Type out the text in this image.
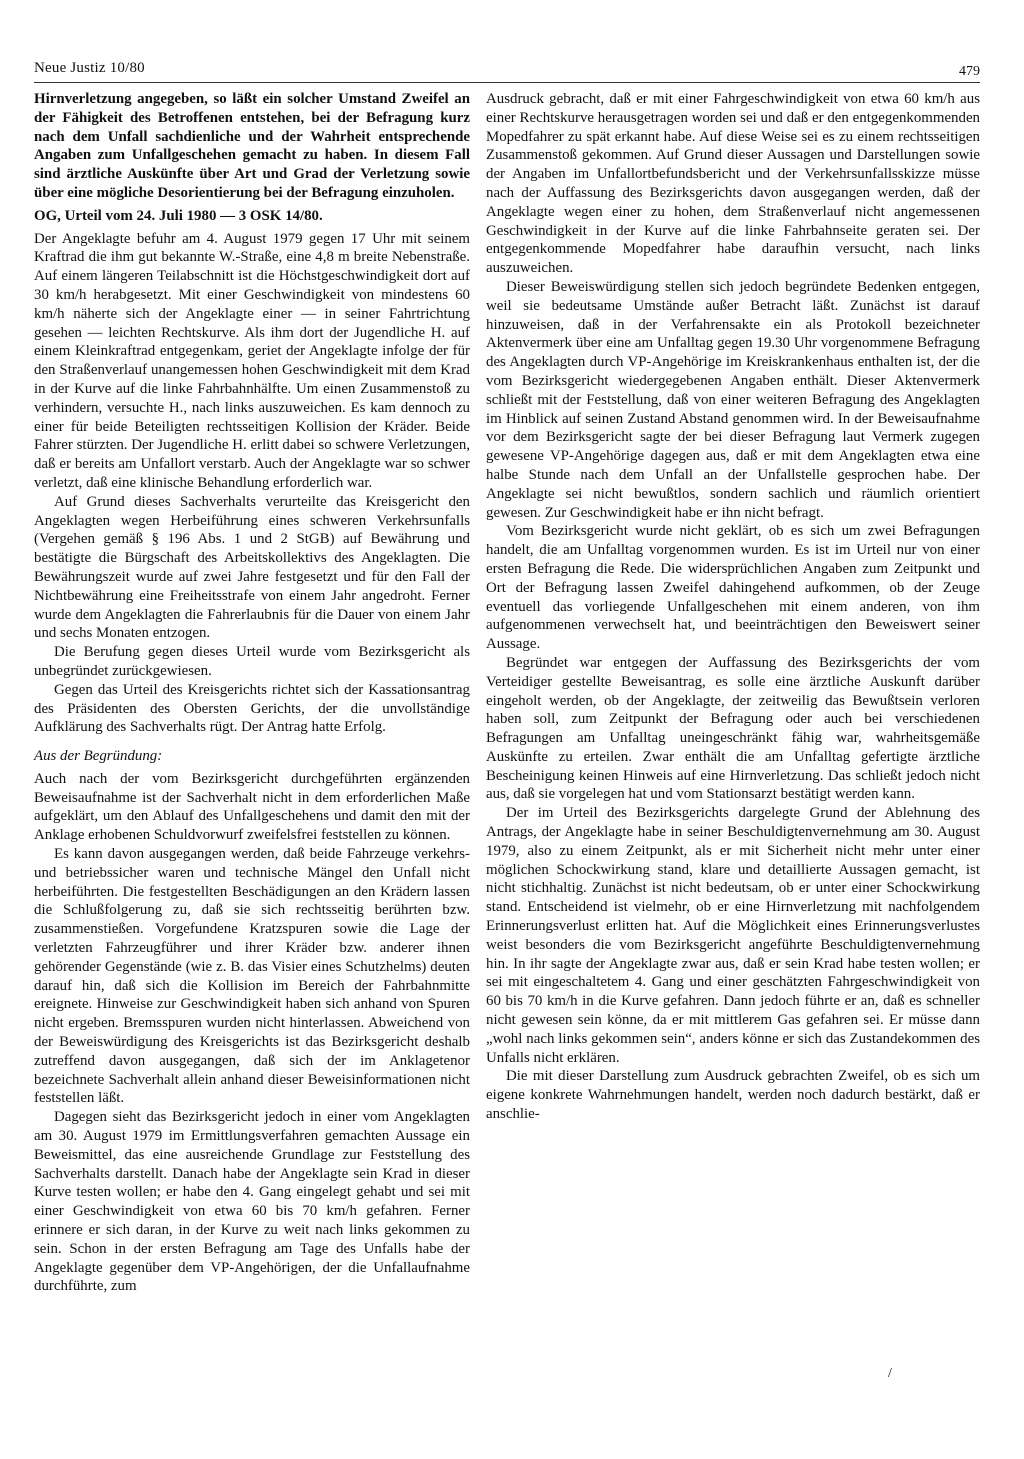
Neue Justiz 10/80	479

Hirnverletzung angegeben, so läßt ein solcher Umstand Zweifel an der Fähigkeit des Betroffenen entstehen, bei der Befragung kurz nach dem Unfall sachdienliche und der Wahrheit entsprechende Angaben zum Unfallgeschehen gemacht zu haben. In diesem Fall sind ärztliche Auskünfte über Art und Grad der Verletzung sowie über eine mögliche Desorientierung bei der Befragung einzuholen.

OG, Urteil vom 24. Juli 1980 — 3 OSK 14/80.

Der Angeklagte befuhr am 4. August 1979 gegen 17 Uhr mit seinem Kraftrad die ihm gut bekannte W.-Straße, eine 4,8 m breite Nebenstraße. Auf einem längeren Teilabschnitt ist die Höchstgeschwindigkeit dort auf 30 km/h herabgesetzt. Mit einer Geschwindigkeit von mindestens 60 km/h näherte sich der Angeklagte einer — in seiner Fahrtrichtung gesehen — leichten Rechtskurve. Als ihm dort der Jugendliche H. auf einem Kleinkraftrad entgegenkam, geriet der Angeklagte infolge der für den Straßenverlauf unangemessen hohen Geschwindigkeit mit dem Krad in der Kurve auf die linke Fahrbahnhälfte. Um einen Zusammenstoß zu verhindern, versuchte H., nach links auszuweichen. Es kam dennoch zu einer für beide Beteiligten rechtsseitigen Kollision der Kräder. Beide Fahrer stürzten. Der Jugendliche H. erlitt dabei so schwere Verletzungen, daß er bereits am Unfallort verstarb. Auch der Angeklagte war so schwer verletzt, daß eine klinische Behandlung erforderlich war.

Auf Grund dieses Sachverhalts verurteilte das Kreisgericht den Angeklagten wegen Herbeiführung eines schweren Verkehrsunfalls (Vergehen gemäß § 196 Abs. 1 und 2 StGB) auf Bewährung und bestätigte die Bürgschaft des Arbeitskollektivs des Angeklagten. Die Bewährungszeit wurde auf zwei Jahre festgesetzt und für den Fall der Nichtbewährung eine Freiheitsstrafe von einem Jahr angedroht. Ferner wurde dem Angeklagten die Fahrerlaubnis für die Dauer von einem Jahr und sechs Monaten entzogen.

Die Berufung gegen dieses Urteil wurde vom Bezirksgericht als unbegründet zurückgewiesen.

Gegen das Urteil des Kreisgerichts richtet sich der Kassationsantrag des Präsidenten des Obersten Gerichts, der die unvollständige Aufklärung des Sachverhalts rügt. Der Antrag hatte Erfolg.

Aus der Begründung:

Auch nach der vom Bezirksgericht durchgeführten ergänzenden Beweisaufnahme ist der Sachverhalt nicht in dem erforderlichen Maße aufgeklärt, um den Ablauf des Unfallgeschehens und damit den mit der Anklage erhobenen Schuldvorwurf zweifelsfrei feststellen zu können.

Es kann davon ausgegangen werden, daß beide Fahrzeuge verkehrs- und betriebssicher waren und technische Mängel den Unfall nicht herbeiführten. Die festgestellten Beschädigungen an den Krädern lassen die Schlußfolgerung zu, daß sie sich rechtsseitig berührten bzw. zusammenstießen. Vorgefundene Kratzspuren sowie die Lage der verletzten Fahrzeugführer und ihrer Kräder bzw. anderer ihnen gehörender Gegenstände (wie z. B. das Visier eines Schutzhelms) deuten darauf hin, daß sich die Kollision im Bereich der Fahrbahnmitte ereignete. Hinweise zur Geschwindigkeit haben sich anhand von Spuren nicht ergeben. Bremsspuren wurden nicht hinterlassen. Abweichend von der Beweiswürdigung des Kreisgerichts ist das Bezirksgericht deshalb zutreffend davon ausgegangen, daß sich der im Anklagetenor bezeichnete Sachverhalt allein anhand dieser Beweisinformationen nicht feststellen läßt.

Dagegen sieht das Bezirksgericht jedoch in einer vom Angeklagten am 30. August 1979 im Ermittlungsverfahren gemachten Aussage ein Beweismittel, das eine ausreichende Grundlage zur Feststellung des Sachverhalts darstellt. Danach habe der Angeklagte sein Krad in dieser Kurve testen wollen; er habe den 4. Gang eingelegt gehabt und sei mit einer Geschwindigkeit von etwa 60 bis 70 km/h gefahren. Ferner erinnere er sich daran, in der Kurve zu weit nach links gekommen zu sein. Schon in der ersten Befragung am Tage des Unfalls habe der Angeklagte gegenüber dem VP-Angehörigen, der die Unfallaufnahme durchführte, zum

Ausdruck gebracht, daß er mit einer Fahrgeschwindigkeit von etwa 60 km/h aus einer Rechtskurve herausgetragen worden sei und daß er den entgegenkommenden Mopedfahrer zu spät erkannt habe. Auf diese Weise sei es zu einem rechtsseitigen Zusammenstoß gekommen. Auf Grund dieser Aussagen und Darstellungen sowie der Angaben im Unfallortbefundsbericht und der Verkehrsunfallsskizze müsse nach der Auffassung des Bezirksgerichts davon ausgegangen werden, daß der Angeklagte wegen einer zu hohen, dem Straßenverlauf nicht angemessenen Geschwindigkeit in der Kurve auf die linke Fahrbahnseite geraten sei. Der entgegenkommende Mopedfahrer habe daraufhin versucht, nach links auszuweichen.

Dieser Beweiswürdigung stellen sich jedoch begründete Bedenken entgegen, weil sie bedeutsame Umstände außer Betracht läßt. Zunächst ist darauf hinzuweisen, daß in der Verfahrensakte ein als Protokoll bezeichneter Aktenvermerk über eine am Unfalltag gegen 19.30 Uhr vorgenommene Befragung des Angeklagten durch VP-Angehörige im Kreiskrankenhaus enthalten ist, der die vom Bezirksgericht wiedergegebenen Angaben enthält. Dieser Aktenvermerk schließt mit der Feststellung, daß von einer weiteren Befragung des Angeklagten im Hinblick auf seinen Zustand Abstand genommen wird. In der Beweisaufnahme vor dem Bezirksgericht sagte der bei dieser Befragung laut Vermerk zugegen gewesene VP-Angehörige dagegen aus, daß er mit dem Angeklagten etwa eine halbe Stunde nach dem Unfall an der Unfallstelle gesprochen habe. Der Angeklagte sei nicht bewußtlos, sondern sachlich und räumlich orientiert gewesen. Zur Geschwindigkeit habe er ihn nicht befragt.

Vom Bezirksgericht wurde nicht geklärt, ob es sich um zwei Befragungen handelt, die am Unfalltag vorgenommen wurden. Es ist im Urteil nur von einer ersten Befragung die Rede. Die widersprüchlichen Angaben zum Zeitpunkt und Ort der Befragung lassen Zweifel dahingehend aufkommen, ob der Zeuge eventuell das vorliegende Unfallgeschehen mit einem anderen, von ihm aufgenommenen verwechselt hat, und beeinträchtigen den Beweiswert seiner Aussage.

Begründet war entgegen der Auffassung des Bezirksgerichts der vom Verteidiger gestellte Beweisantrag, es solle eine ärztliche Auskunft darüber eingeholt werden, ob der Angeklagte, der zeitweilig das Bewußtsein verloren haben soll, zum Zeitpunkt der Befragung oder auch bei verschiedenen Befragungen am Unfalltag uneingeschränkt fähig war, wahrheitsgemäße Auskünfte zu erteilen. Zwar enthält die am Unfalltag gefertigte ärztliche Bescheinigung keinen Hinweis auf eine Hirnverletzung. Das schließt jedoch nicht aus, daß sie vorgelegen hat und vom Stationsarzt bestätigt werden kann.

Der im Urteil des Bezirksgerichts dargelegte Grund der Ablehnung des Antrags, der Angeklagte habe in seiner Beschuldigtenvernehmung am 30. August 1979, also zu einem Zeitpunkt, als er mit Sicherheit nicht mehr unter einer möglichen Schockwirkung stand, klare und detaillierte Aussagen gemacht, ist nicht stichhaltig. Zunächst ist nicht bedeutsam, ob er unter einer Schockwirkung stand. Entscheidend ist vielmehr, ob er eine Hirnverletzung mit nachfolgendem Erinnerungsverlust erlitten hat. Auf die Möglichkeit eines Erinnerungsverlustes weist besonders die vom Bezirksgericht angeführte Beschuldigtenvernehmung hin. In ihr sagte der Angeklagte zwar aus, daß er sein Krad habe testen wollen; er sei mit eingeschaltetem 4. Gang und einer geschätzten Fahrgeschwindigkeit von 60 bis 70 km/h in die Kurve gefahren. Dann jedoch führte er an, daß es schneller nicht gewesen sein könne, da er mit mittlerem Gas gefahren sei. Er müsse dann „wohl nach links gekommen sein“, anders könne er sich das Zustandekommen des Unfalls nicht erklären.

Die mit dieser Darstellung zum Ausdruck gebrachten Zweifel, ob es sich um eigene konkrete Wahrnehmungen handelt, werden noch dadurch bestärkt, daß er anschlie-

/
